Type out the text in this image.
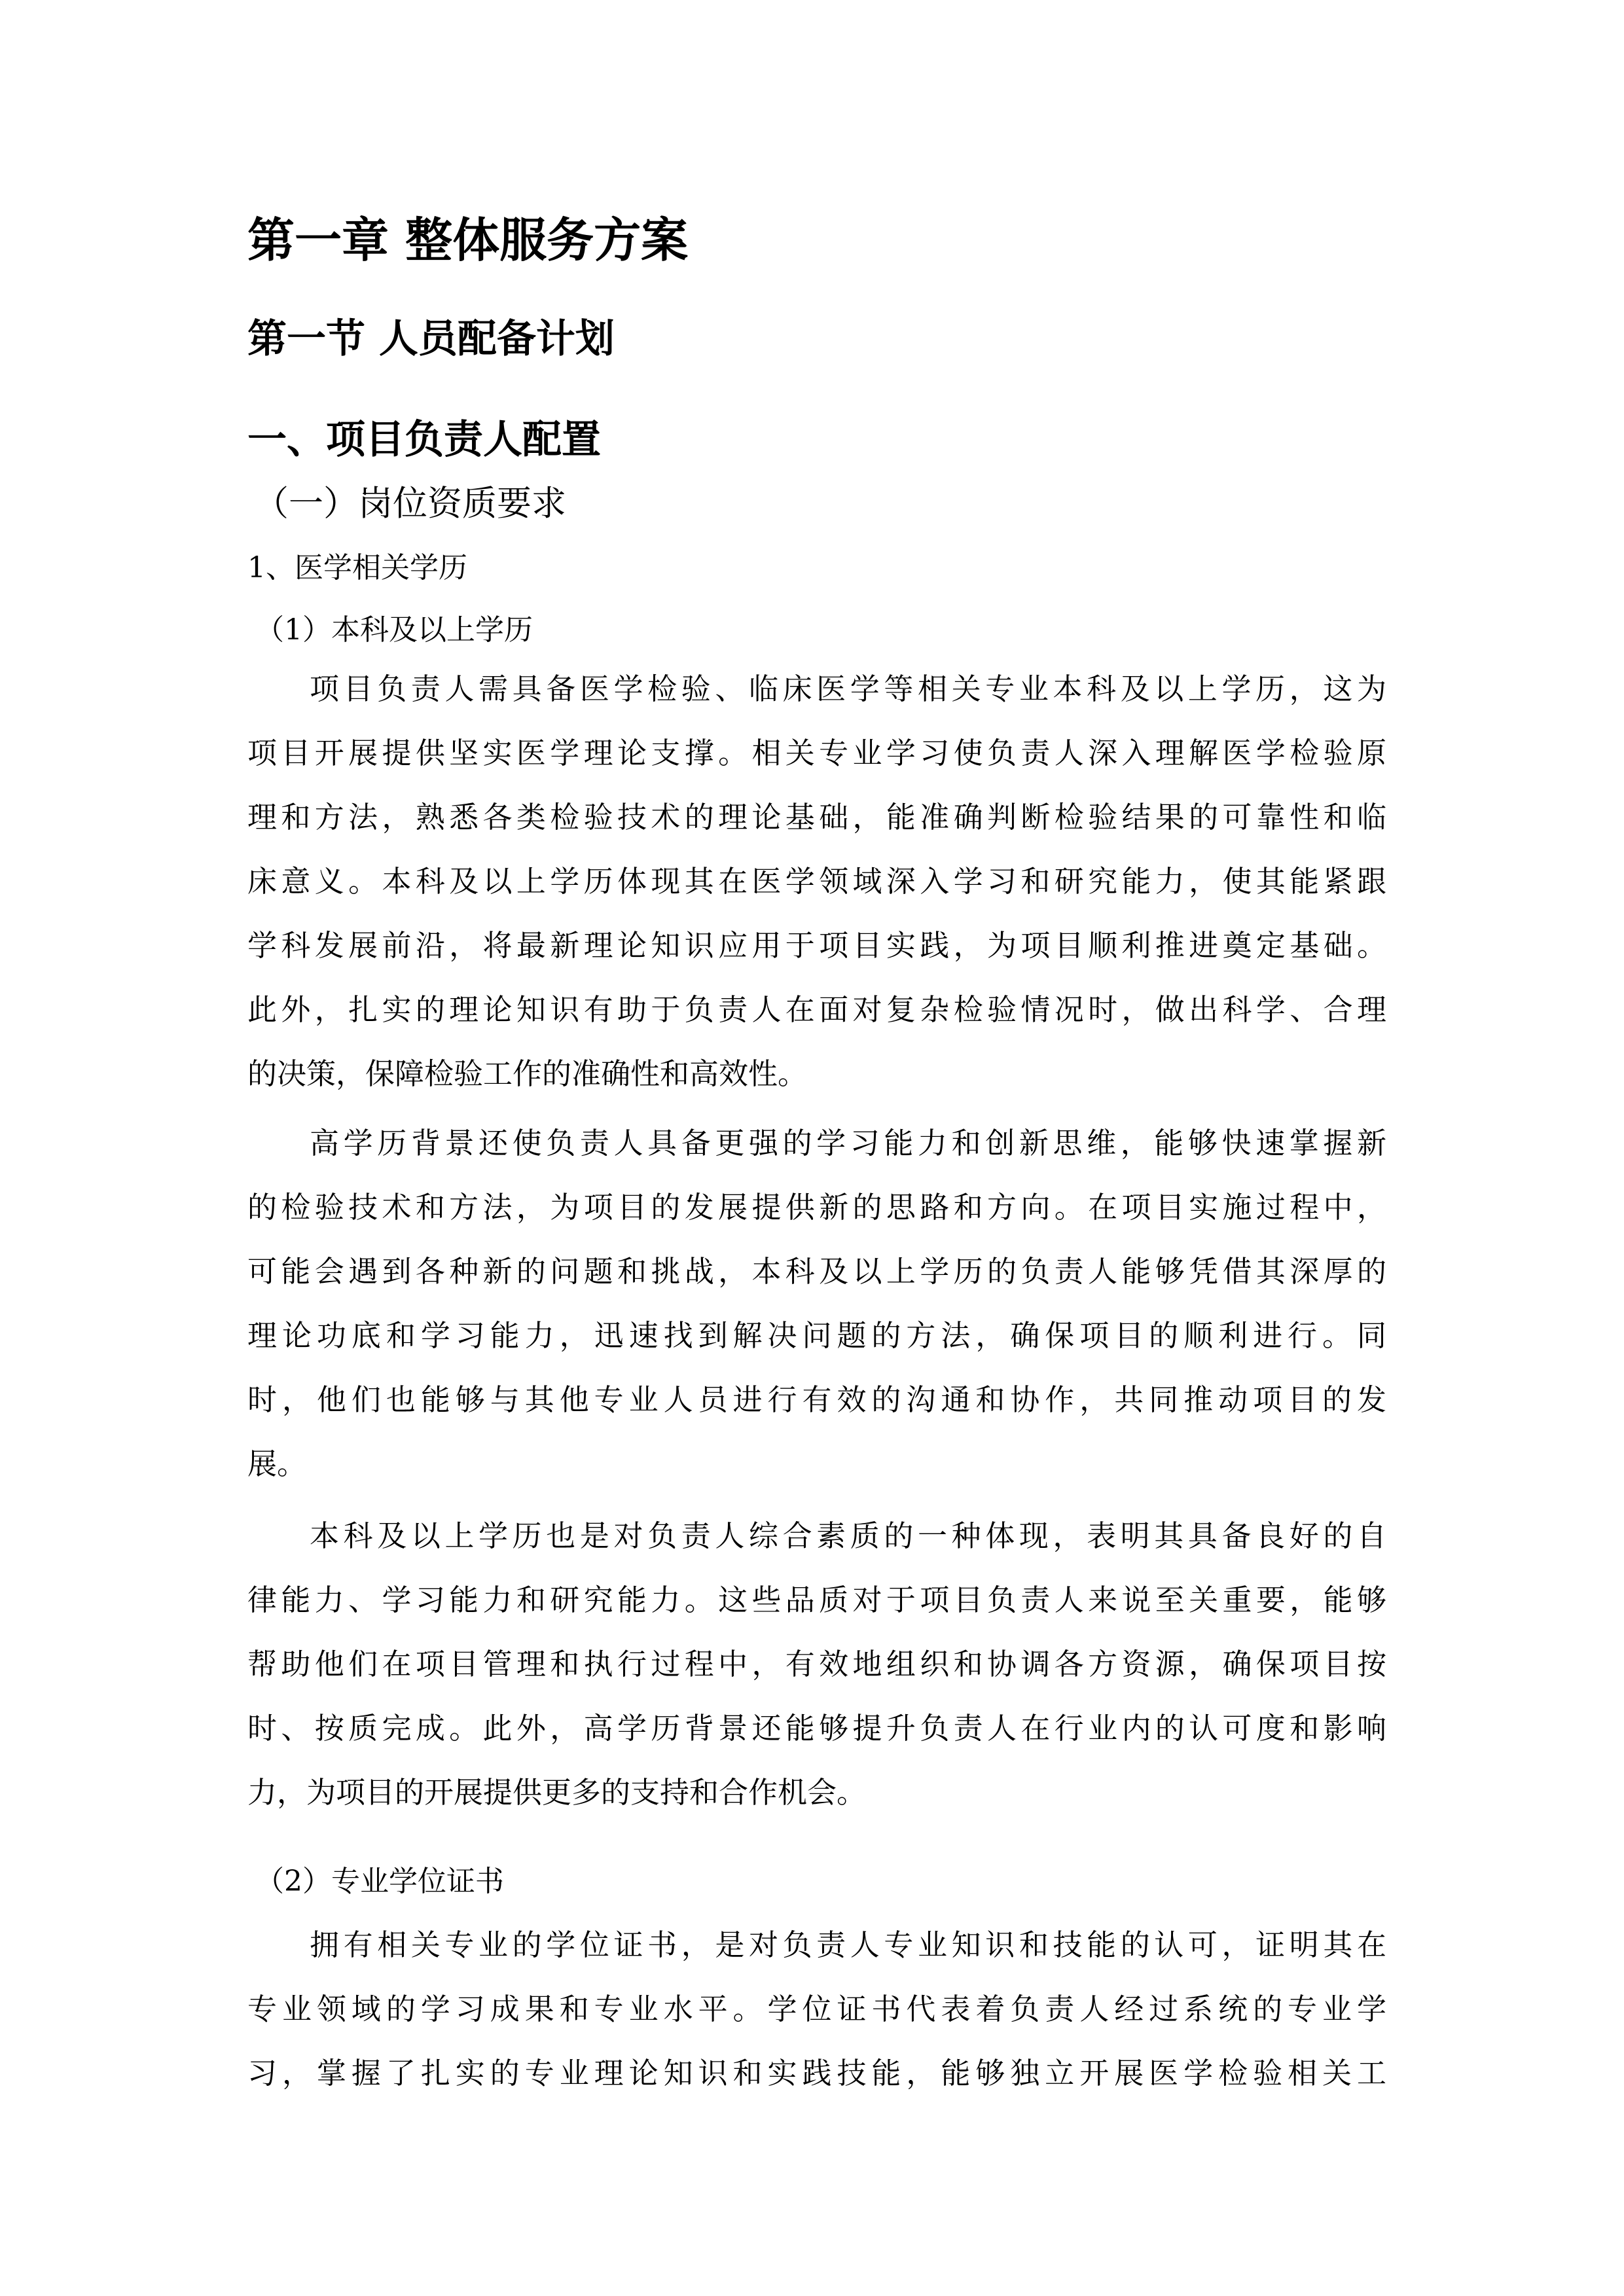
第一章 整体服务方案
第一节 人员配备计划
一、项目负责人配置
（一）岗位资质要求
1、医学相关学历
（1）本科及以上学历
项目负责人需具备医学检验、临床医学等相关专业本科及以上学历，这为
项目开展提供坚实医学理论支撑。相关专业学习使负责人深入理解医学检验原
理和方法，熟悉各类检验技术的理论基础，能准确判断检验结果的可靠性和临
床意义。本科及以上学历体现其在医学领域深入学习和研究能力，使其能紧跟
学科发展前沿，将最新理论知识应用于项目实践，为项目顺利推进奠定基础。
此外，扎实的理论知识有助于负责人在面对复杂检验情况时，做出科学、合理
的决策，保障检验工作的准确性和高效性。
高学历背景还使负责人具备更强的学习能力和创新思维，能够快速掌握新
的检验技术和方法，为项目的发展提供新的思路和方向。在项目实施过程中，
可能会遇到各种新的问题和挑战，本科及以上学历的负责人能够凭借其深厚的
理论功底和学习能力，迅速找到解决问题的方法，确保项目的顺利进行。同
时，他们也能够与其他专业人员进行有效的沟通和协作，共同推动项目的发
展。
本科及以上学历也是对负责人综合素质的一种体现，表明其具备良好的自
律能力、学习能力和研究能力。这些品质对于项目负责人来说至关重要，能够
帮助他们在项目管理和执行过程中，有效地组织和协调各方资源，确保项目按
时、按质完成。此外，高学历背景还能够提升负责人在行业内的认可度和影响
力，为项目的开展提供更多的支持和合作机会。
（2）专业学位证书
拥有相关专业的学位证书，是对负责人专业知识和技能的认可，证明其在
专业领域的学习成果和专业水平。学位证书代表着负责人经过系统的专业学
习，掌握了扎实的专业理论知识和实践技能，能够独立开展医学检验相关工
